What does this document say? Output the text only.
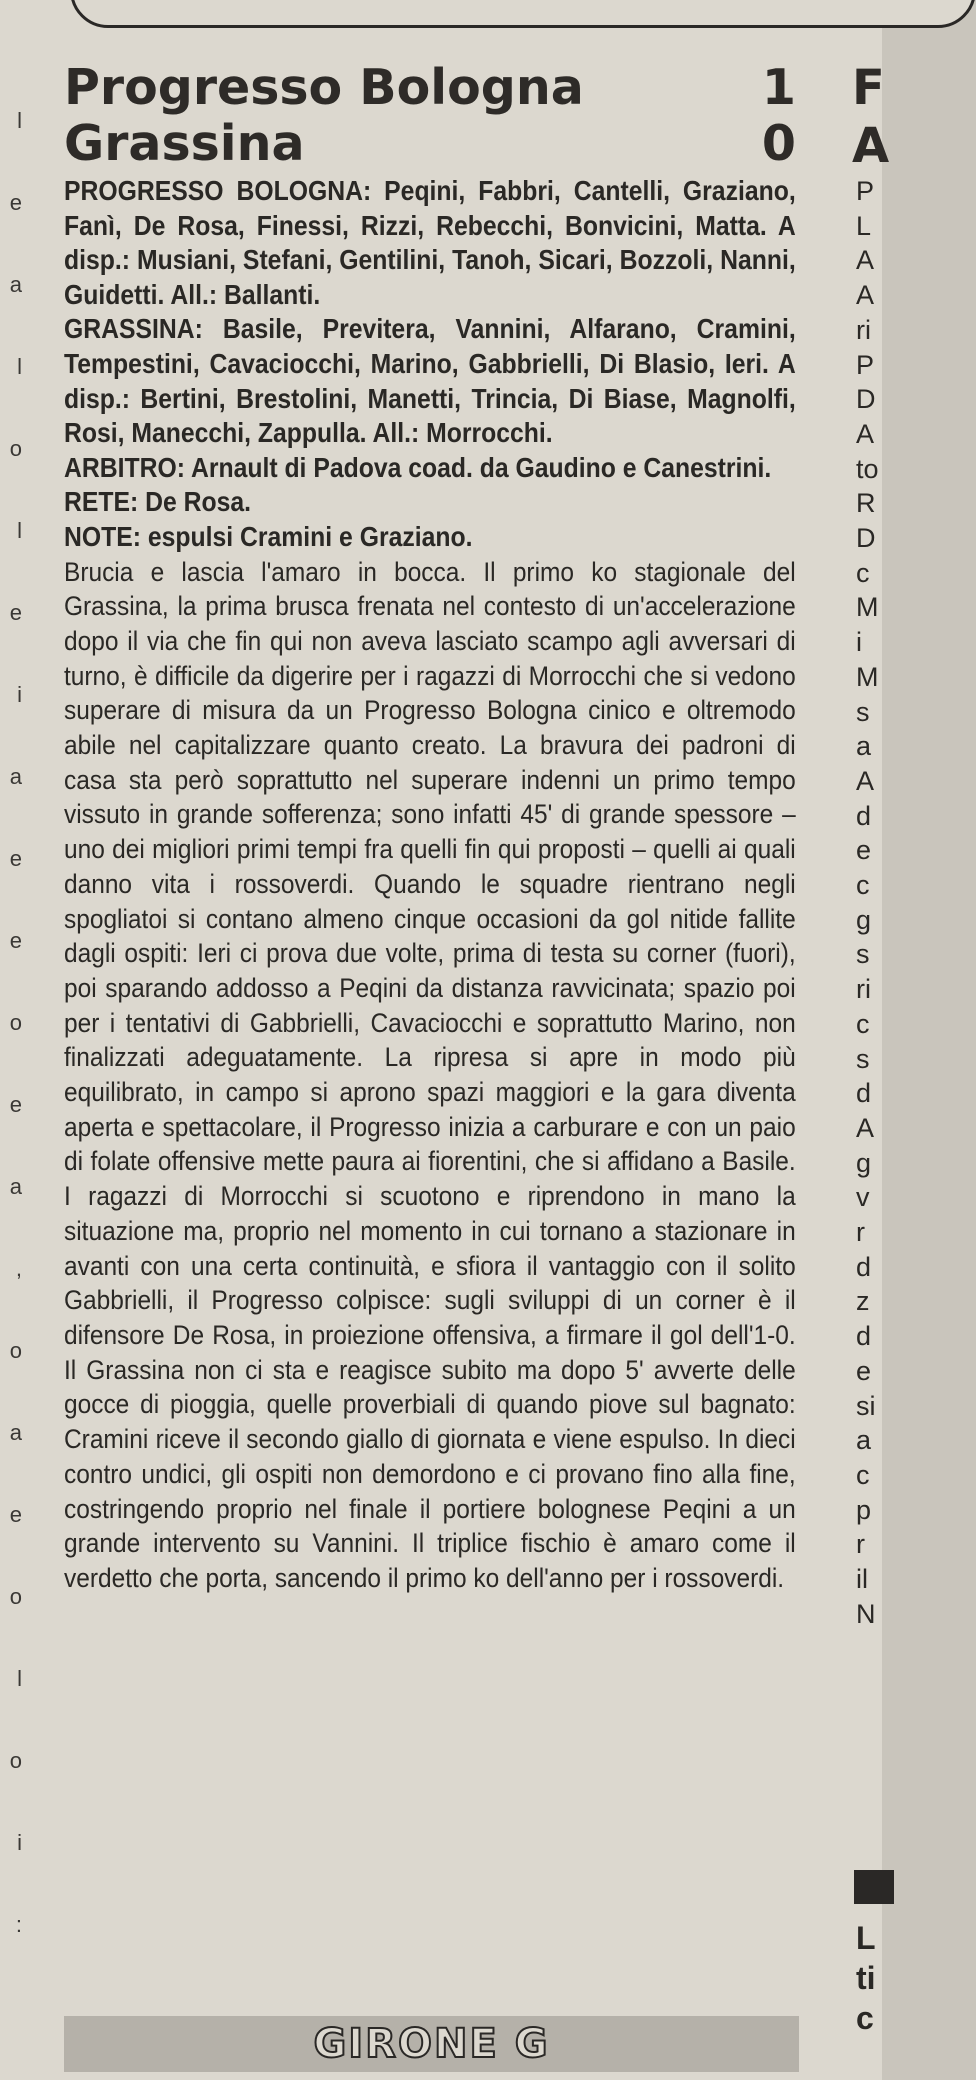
l
e
a
l
o
l
e
i
a
e
e
o
e
a
,
o
a
e
o
l
o
i
:
Progresso Bologna	1
Grassina	0
PROGRESSO BOLOGNA: Peqini, Fabbri, Cantelli, Graziano, Fanì, De Rosa, Finessi, Rizzi, Rebecchi, Bonvicini, Matta. A disp.: Musiani, Stefani, Gentilini, Tanoh, Sicari, Bozzoli, Nanni, Guidetti. All.: Ballanti.
GRASSINA: Basile, Previtera, Vannini, Alfarano, Cramini, Tempestini, Cavaciocchi, Marino, Gabbrielli, Di Blasio, Ieri. A disp.: Bertini, Brestolini, Manetti, Trincia, Di Biase, Magnolfi, Rosi, Manecchi, Zappulla. All.: Morrocchi.
ARBITRO: Arnault di Padova coad. da Gaudino e Canestrini.
RETE: De Rosa.
NOTE: espulsi Cramini e Graziano.
Brucia e lascia l'amaro in bocca. Il primo ko stagionale del Grassina, la prima brusca frenata nel contesto di un'accelerazione dopo il via che fin qui non aveva lasciato scampo agli avversari di turno, è difficile da digerire per i ragazzi di Morrocchi che si vedono superare di misura da un Progresso Bologna cinico e oltremodo abile nel capitalizzare quanto creato. La bravura dei padroni di casa sta però soprattutto nel superare indenni un primo tempo vissuto in grande sofferenza; sono infatti 45' di grande spessore – uno dei migliori primi tempi fra quelli fin qui proposti – quelli ai quali danno vita i rossoverdi. Quando le squadre rientrano negli spogliatoi si contano almeno cinque occasioni da gol nitide fallite dagli ospiti: Ieri ci prova due volte, prima di testa su corner (fuori), poi sparando addosso a Peqini da distanza ravvicinata; spazio poi per i tentativi di Gabbrielli, Cavaciocchi e soprattutto Marino, non finalizzati adeguatamente. La ripresa si apre in modo più equilibrato, in campo si aprono spazi maggiori e la gara diventa aperta e spettacolare, il Progresso inizia a carburare e con un paio di folate offensive mette paura ai fiorentini, che si affidano a Basile. I ragazzi di Morrocchi si scuotono e riprendono in mano la situazione ma, proprio nel momento in cui tornano a stazionare in avanti con una certa continuità, e sfiora il vantaggio con il solito Gabbrielli, il Progresso colpisce: sugli sviluppi di un corner è il difensore De Rosa, in proiezione offensiva, a firmare il gol dell'1-0. Il Grassina non ci sta e reagisce subito ma dopo 5' avverte delle gocce di pioggia, quelle proverbiali di quando piove sul bagnato: Cramini riceve il secondo giallo di giornata e viene espulso. In dieci contro undici, gli ospiti non demordono e ci provano fino alla fine, costringendo proprio nel finale il portiere bolognese Peqini a un grande intervento su Vannini. Il triplice fischio è amaro come il verdetto che porta, sancendo il primo ko dell'anno per i rossoverdi.
F
A
P
L
A
A
ri
P
D
A
to
R
D
c
M
i
M
s
a
A
d
e
c
g
s
ri
c
s
d
A
g
v
r
d
z
d
e
si
a
c
p
r
il
N
L
ti
c
GIRONE G
